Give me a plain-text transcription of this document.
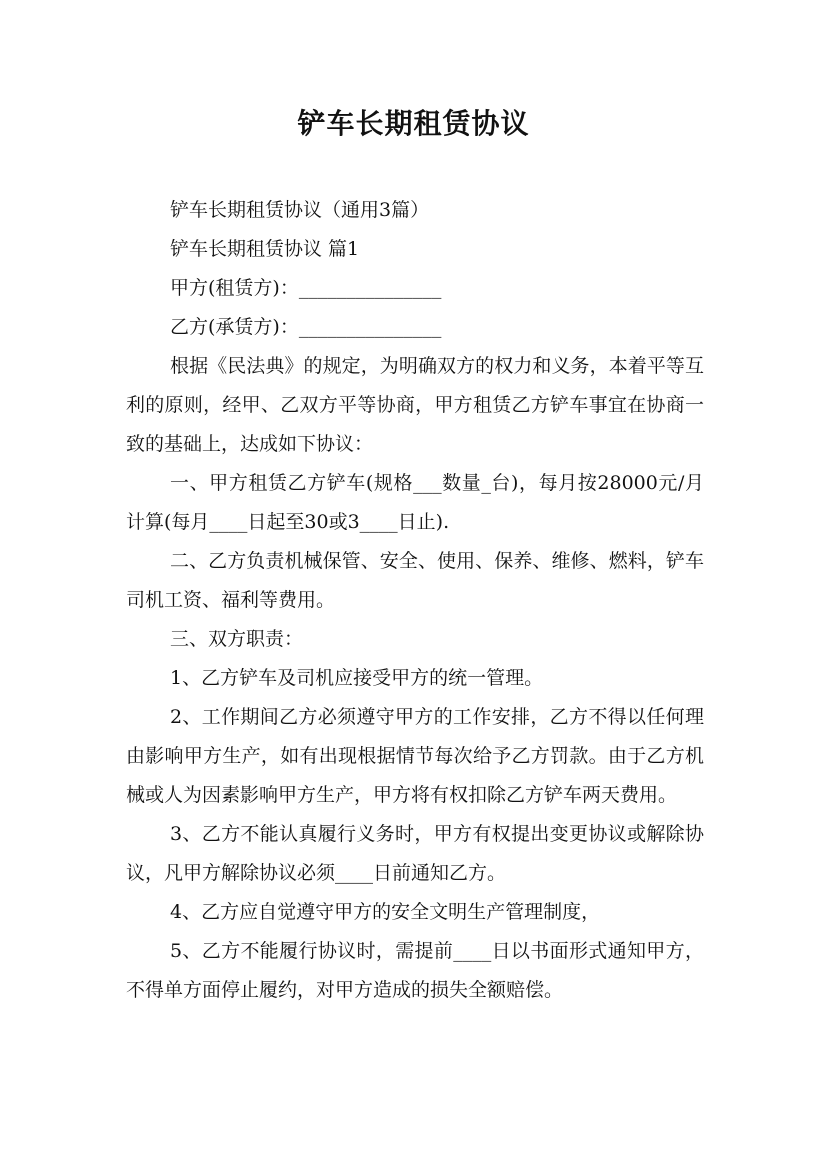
铲车长期租赁协议

铲车长期租赁协议（通用3篇）

铲车长期租赁协议 篇1

甲方(租赁方)：_______________

乙方(承赁方)：_______________

根据《民法典》的规定，为明确双方的权力和义务，本着平等互利的原则，经甲、乙双方平等协商，甲方租赁乙方铲车事宜在协商一致的基础上，达成如下协议：

一、甲方租赁乙方铲车(规格___数量_台)，每月按28000元/月计算(每月____日起至30或3____日止).

二、乙方负责机械保管、安全、使用、保养、维修、燃料，铲车司机工资、福利等费用。

三、双方职责：

1、乙方铲车及司机应接受甲方的统一管理。

2、工作期间乙方必须遵守甲方的工作安排，乙方不得以任何理由影响甲方生产，如有出现根据情节每次给予乙方罚款。由于乙方机械或人为因素影响甲方生产，甲方将有权扣除乙方铲车两天费用。

3、乙方不能认真履行义务时，甲方有权提出变更协议或解除协议，凡甲方解除协议必须____日前通知乙方。

4、乙方应自觉遵守甲方的安全文明生产管理制度，

5、乙方不能履行协议时，需提前____日以书面形式通知甲方，不得单方面停止履约，对甲方造成的损失全额赔偿。
